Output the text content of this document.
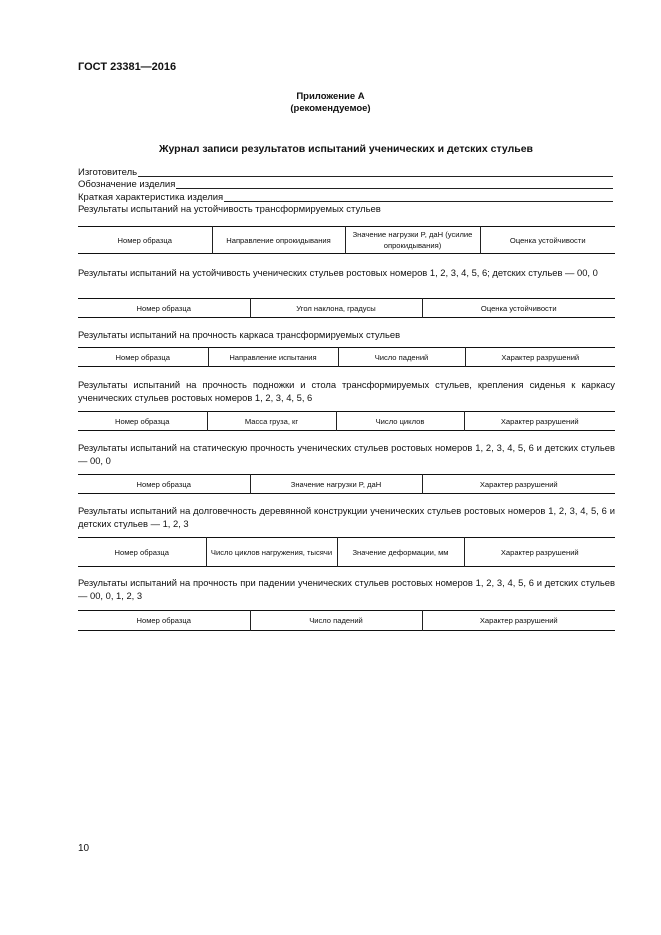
ГОСТ 23381—2016
Приложение А
(рекомендуемое)
Журнал записи результатов испытаний ученических и детских стульев
Изготовитель
Обозначение изделия
Краткая характеристика изделия
Результаты испытаний на устойчивость трансформируемых стульев
Номер образца	Направление опрокидывания	Значение нагрузки P, даН (усилие опрокидывания)	Оценка устойчивости
Результаты испытаний на устойчивость ученических стульев ростовых номеров 1, 2, 3, 4, 5, 6; детских стульев — 00, 0
Номер образца	Угол наклона, градусы	Оценка устойчивости
Результаты испытаний на прочность каркаса трансформируемых стульев
Номер образца	Направление испытания	Число падений	Характер разрушений
Результаты испытаний на прочность подножки и стола трансформируемых стульев, крепления сиденья к каркасу ученических стульев ростовых номеров 1, 2, 3, 4, 5, 6
Номер образца	Масса груза, кг	Число циклов	Характер разрушений
Результаты испытаний на статическую прочность ученических стульев ростовых номеров 1, 2, 3, 4, 5, 6 и детских стульев — 00, 0
Номер образца	Значение нагрузки P, даН	Характер разрушений
Результаты испытаний на долговечность деревянной конструкции ученических стульев ростовых номеров 1, 2, 3, 4, 5, 6 и детских стульев — 1, 2, 3
Номер образца	Число циклов нагружения, тысячи	Значение деформации, мм	Характер разрушений
Результаты испытаний на прочность при падении ученических стульев ростовых номеров 1, 2, 3, 4, 5, 6 и детских стульев — 00, 0, 1, 2, 3
Номер образца	Число падений	Характер разрушений
10
